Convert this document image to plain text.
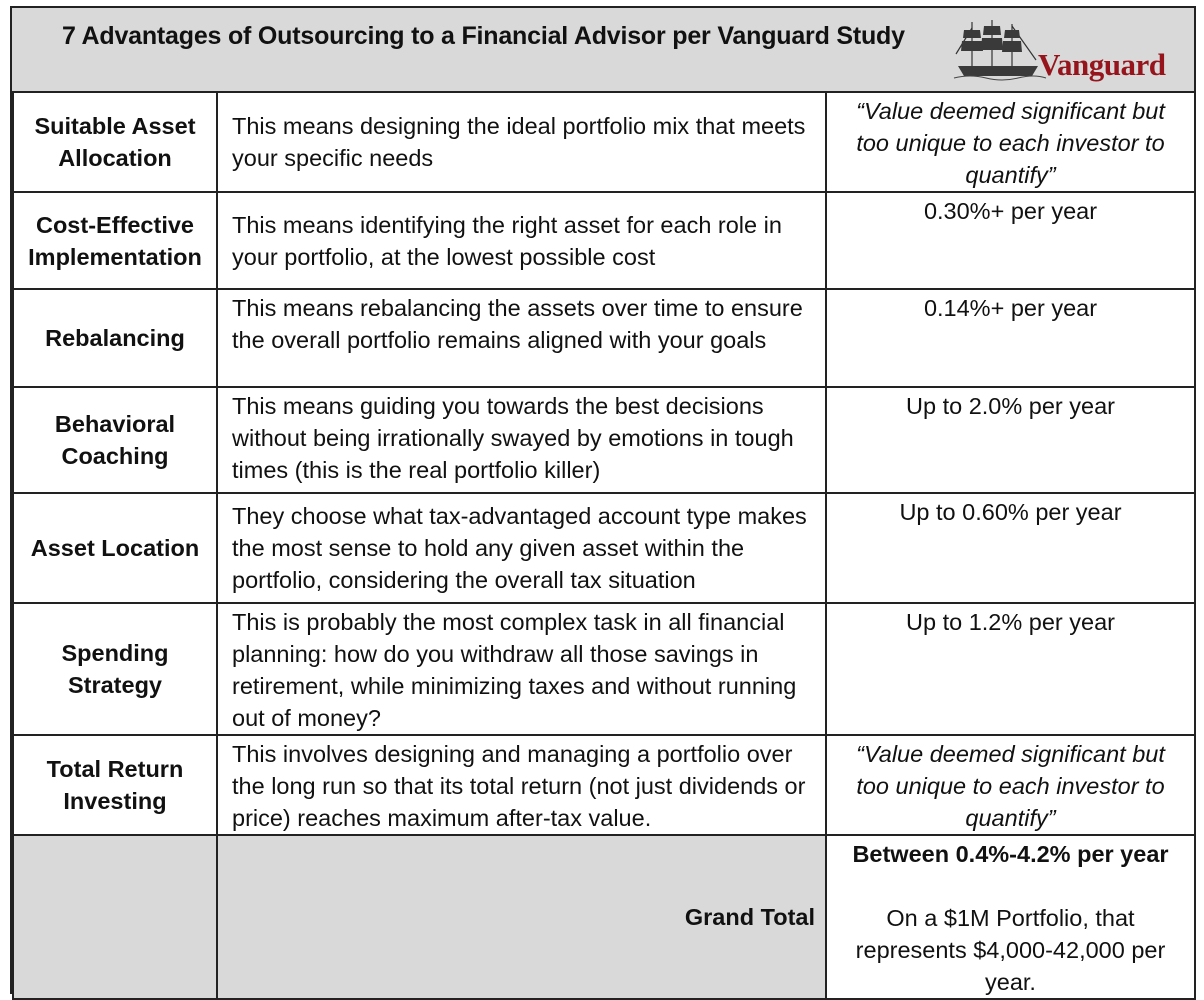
7 Advantages of Outsourcing to a Financial Advisor per Vanguard Study
Vanguard
Suitable Asset Allocation	This means designing the ideal portfolio mix that meets your specific needs	“Value deemed significant but too unique to each investor to quantify”
Cost-Effective Implementation	This means identifying the right asset for each role in your portfolio, at the lowest possible cost	0.30%+ per year
Rebalancing	This means rebalancing the assets over time to ensure the overall portfolio remains aligned with your goals	0.14%+ per year
Behavioral Coaching	This means guiding you towards the best decisions without being irrationally swayed by emotions in tough times (this is the real portfolio killer)	Up to 2.0% per year
Asset Location	They choose what tax-advantaged account type makes the most sense to hold any given asset within the portfolio, considering the overall tax situation	Up to 0.60% per year
Spending Strategy	This is probably the most complex task in all financial planning: how do you withdraw all those savings in retirement, while minimizing taxes and without running out of money?	Up to 1.2% per year
Total Return Investing	This involves designing and managing a portfolio over the long run so that its total return (not just dividends or price) reaches maximum after-tax value.	“Value deemed significant but too unique to each investor to quantify”
	Grand Total	Between 0.4%-4.2% per year
On a $1M Portfolio, that represents $4,000-42,000 per year.
